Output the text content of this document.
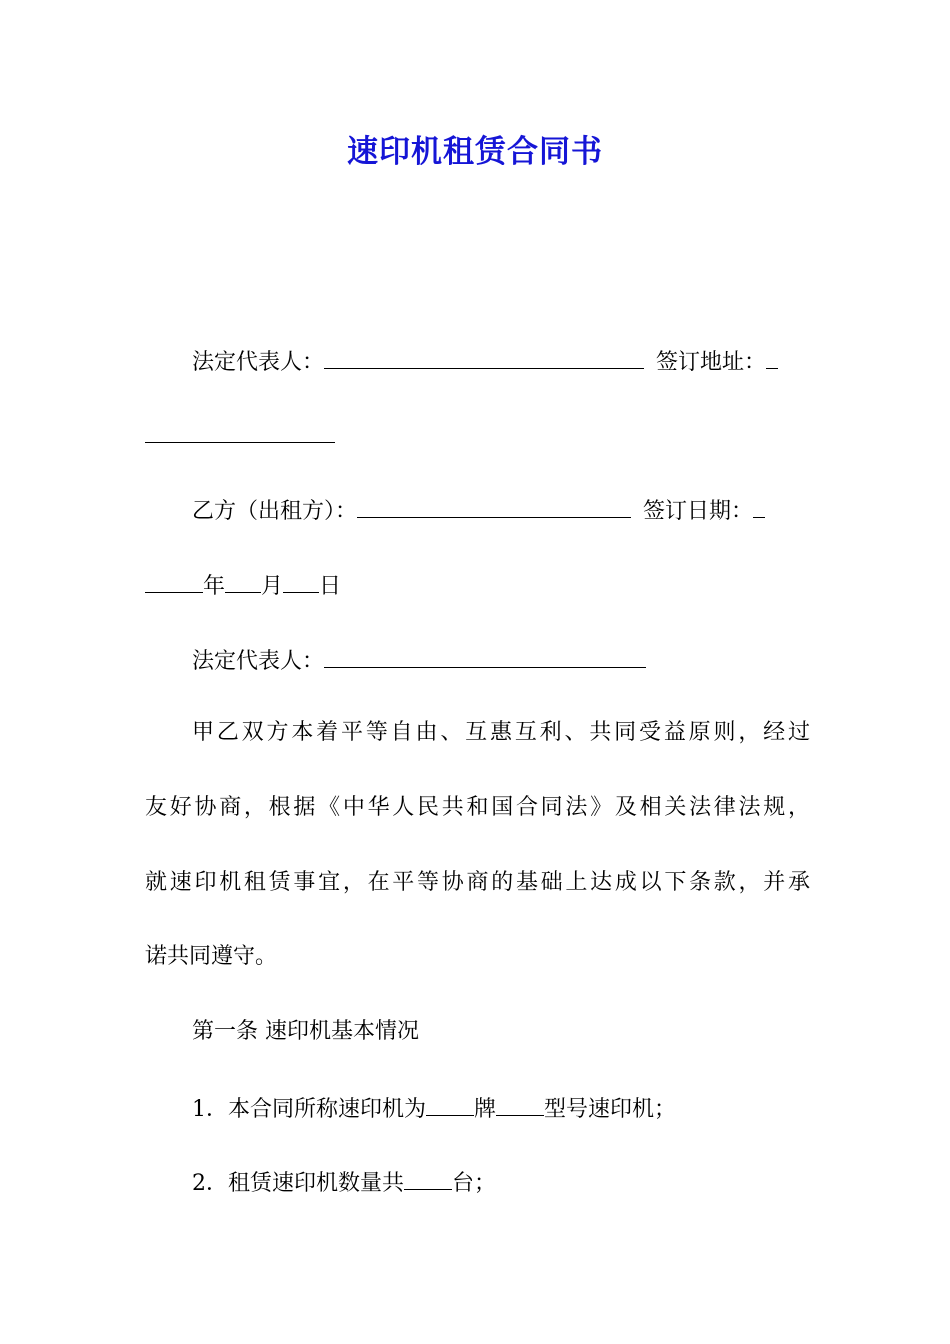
速印机租赁合同书
法定代表人：	签订地址：
乙方（出租方）：	签订日期：
年 月 日
法定代表人：
甲乙双方本着平等自由、互惠互利、共同受益原则，经过
友好协商，根据《中华人民共和国合同法》及相关法律法规，
就速印机租赁事宜，在平等协商的基础上达成以下条款，并承
诺共同遵守。
第一条 速印机基本情况
1．本合同所称速印机为 牌 型号速印机；
2．租赁速印机数量共 台；
